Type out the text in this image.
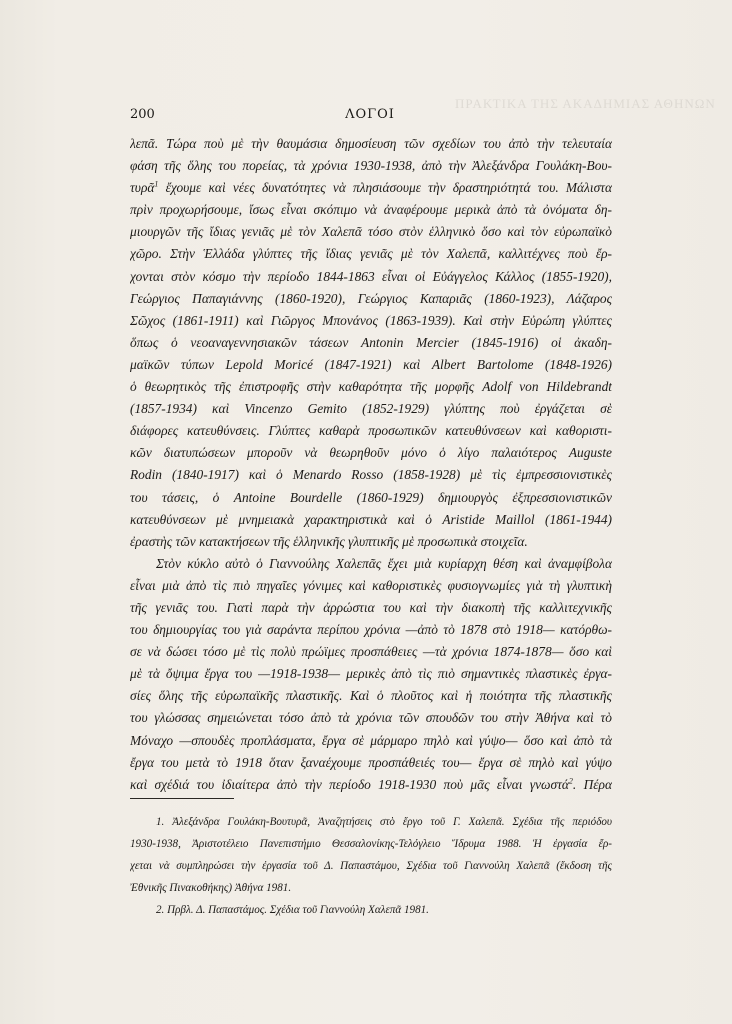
ΠΡΑΚΤΙΚΑ ΤΗΣ ΑΚΑΔΗΜΙΑΣ ΑΘΗΝΩΝ
200	ΛΟΓΟΙ
λεπᾶ. Τώρα ποὺ μὲ τὴν θαυμάσια δημοσίευση τῶν σχεδίων του ἀπὸ τὴν τελευταία
φάση τῆς ὅλης του πορείας, τὰ χρόνια 1930-1938, ἀπὸ τὴν Ἀλεξάνδρα Γουλάκη-Βου-
τυρᾶ$^1$ ἔχουμε καὶ νέες δυνατότητες νὰ πλησιάσουμε τὴν δραστηριότητά του. Μάλιστα
πρὶν προχωρήσουμε, ἴσως εἶναι σκόπιμο νὰ ἀναφέρουμε μερικὰ ἀπὸ τὰ ὀνόματα δη-
μιουργῶν τῆς ἴδιας γενιᾶς μὲ τὸν Χαλεπᾶ τόσο στὸν ἑλληνικὸ ὅσο καὶ τὸν εὐρωπαϊκὸ
χῶρο. Στὴν Ἑλλάδα γλύπτες τῆς ἴδιας γενιᾶς μὲ τὸν Χαλεπᾶ, καλλιτέχνες ποὺ ἔρ-
χονται στὸν κόσμο τὴν περίοδο 1844-1863 εἶναι οἱ Εὐάγγελος Κάλλος (1855-1920),
Γεώργιος Παπαγιάννης (1860-1920), Γεώργιος Καπαριᾶς (1860-1923), Λάζαρος
Σῶχος (1861-1911) καὶ Γιῶργος Μπονάνος (1863-1939). Καὶ στὴν Εὐρώπη γλύπτες
ὅπως ὁ νεοαναγεννησιακῶν τάσεων Antonin Mercier (1845-1916) οἱ ἀκαδη-
μαϊκῶν τύπων Lepold Moricé (1847-1921) καὶ Albert Bartolome (1848-1926)
ὁ θεωρητικὸς τῆς ἐπιστροφῆς στὴν καθαρότητα τῆς μορφῆς Adolf von Hildebrandt
(1857-1934) καὶ Vincenzo Gemito (1852-1929) γλύπτης ποὺ ἐργάζεται σὲ
διάφορες κατευθύνσεις. Γλύπτες καθαρὰ προσωπικῶν κατευθύνσεων καὶ καθοριστι-
κῶν διατυπώσεων μποροῦν νὰ θεωρηθοῦν μόνο ὁ λίγο παλαιότερος Auguste
Rodin (1840-1917) καὶ ὁ Menardo Rosso (1858-1928) μὲ τὶς ἐμπρεσσιονιστικὲς
του τάσεις, ὁ Antoine Bourdelle (1860-1929) δημιουργὸς ἐξπρεσσιονιστικῶν
κατευθύνσεων μὲ μνημειακὰ χαρακτηριστικὰ καὶ ὁ Aristide Maillol (1861-1944)
ἐραστὴς τῶν κατακτήσεων τῆς ἑλληνικῆς γλυπτικῆς μὲ προσωπικὰ στοιχεῖα.
Στὸν κύκλο αὐτὸ ὁ Γιαννούλης Χαλεπᾶς ἔχει μιὰ κυρίαρχη θέση καὶ ἀναμφίβολα
εἶναι μιὰ ἀπὸ τὶς πιὸ πηγαῖες γόνιμες καὶ καθοριστικὲς φυσιογνωμίες γιὰ τὴ γλυπτικὴ
τῆς γενιᾶς του. Γιατὶ παρὰ τὴν ἀρρώστια του καὶ τὴν διακοπὴ τῆς καλλιτεχνικῆς
του δημιουργίας του γιὰ σαράντα περίπου χρόνια —ἀπὸ τὸ 1878 στὸ 1918— κατόρθω-
σε νὰ δώσει τόσο μὲ τὶς πολὺ πρώϊμες προσπάθειες —τὰ χρόνια 1874-1878— ὅσο καὶ
μὲ τὰ ὄψιμα ἔργα του —1918-1938— μερικὲς ἀπὸ τὶς πιὸ σημαντικὲς πλαστικὲς ἐργα-
σίες ὅλης τῆς εὐρωπαϊκῆς πλαστικῆς. Καὶ ὁ πλοῦτος καὶ ἡ ποιότητα τῆς πλαστικῆς
του γλώσσας σημειώνεται τόσο ἀπὸ τὰ χρόνια τῶν σπουδῶν του στὴν Ἀθήνα καὶ τὸ
Μόναχο —σπουδὲς προπλάσματα, ἔργα σὲ μάρμαρο πηλὸ καὶ γύψο— ὅσο καὶ ἀπὸ τὰ
ἔργα του μετὰ τὸ 1918 ὅταν ξαναέχουμε προσπάθειές του— ἔργα σὲ πηλὸ καὶ γύψο
καὶ σχέδιά του ἰδιαίτερα ἀπὸ τὴν περίοδο 1918-1930 ποὺ μᾶς εἶναι γνωστά$^2$. Πέρα
1. Ἀλεξάνδρα Γουλάκη-Βουτυρᾶ, Ἀναζητήσεις στὸ ἔργο τοῦ Γ. Χαλεπᾶ. Σχέδια τῆς περιόδου
1930-1938, Ἀριστοτέλειο Πανεπιστήμιο Θεσσαλονίκης-Τελόγλειο Ἵδρυμα 1988. Ἡ ἐργασία ἔρ-
χεται νὰ συμπληρώσει τὴν ἐργασία τοῦ Δ. Παπαστάμου, Σχέδια τοῦ Γιαννούλη Χαλεπᾶ (ἔκδοση τῆς
Ἐθνικῆς Πινακοθήκης) Ἀθήνα 1981.
2. Πρβλ. Δ. Παπαστάμος. Σχέδια τοῦ Γιαννούλη Χαλεπᾶ 1981.
